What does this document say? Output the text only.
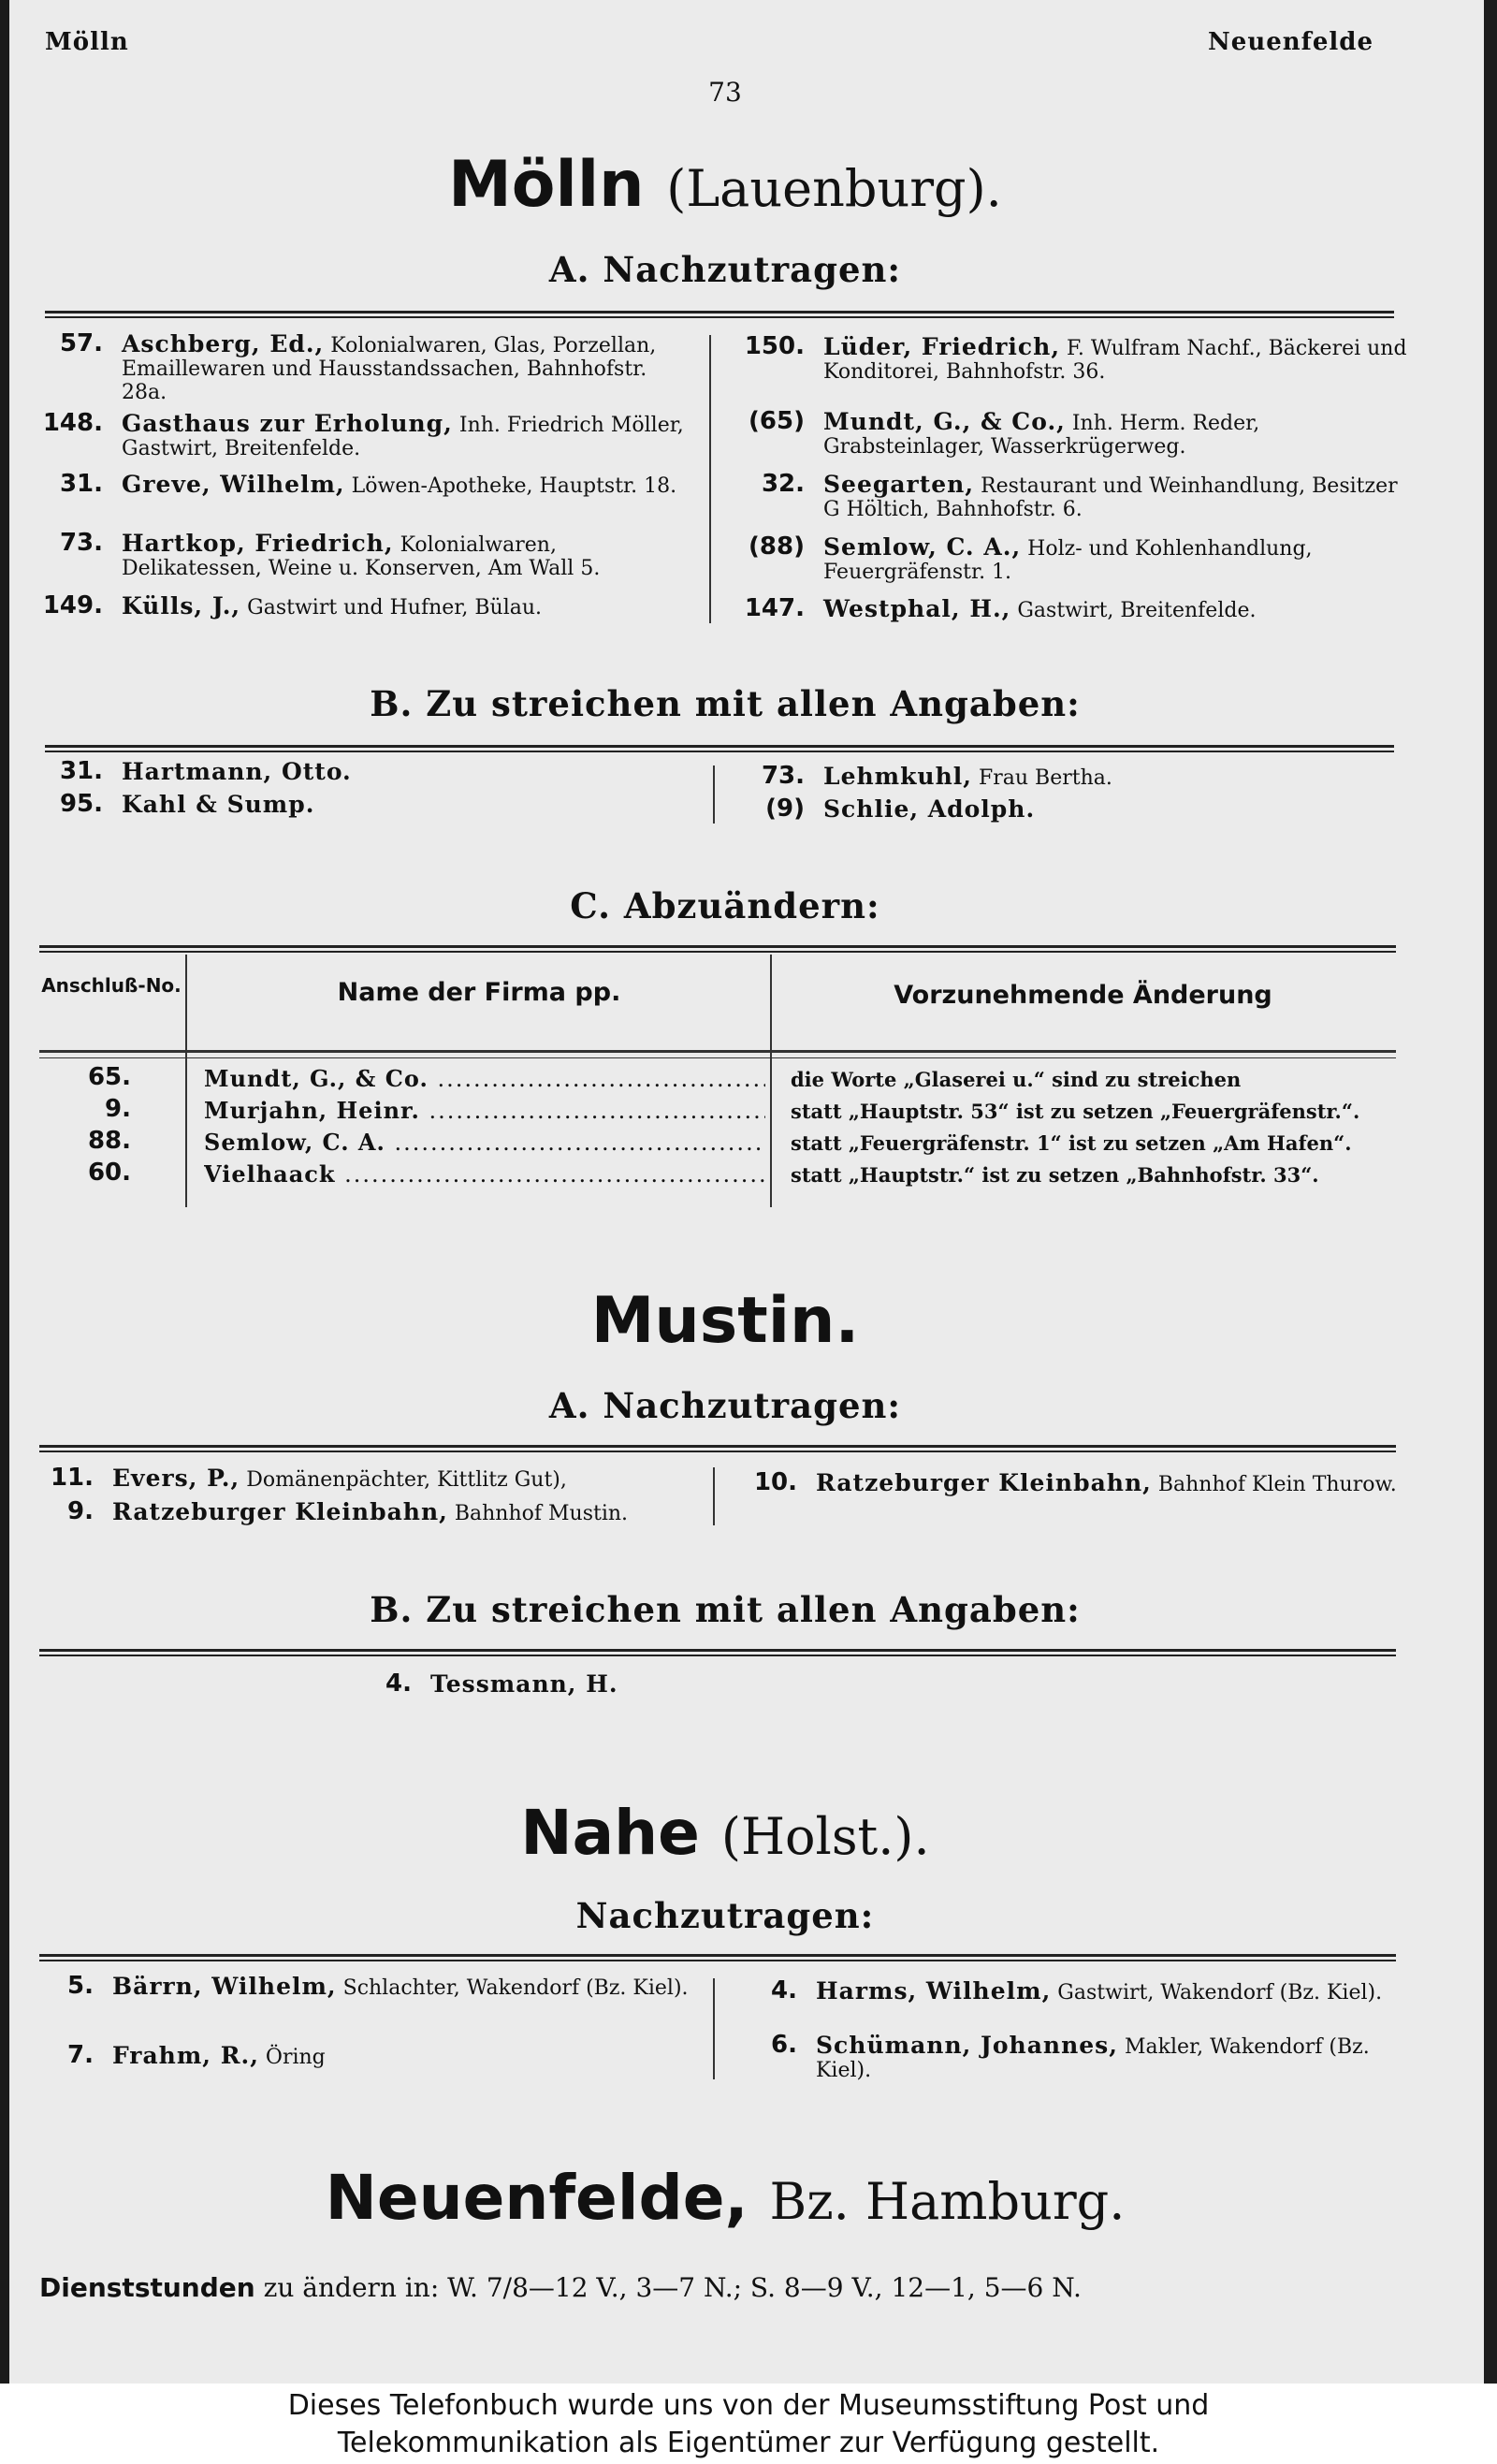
Mölln	Neuenfelde
73
Mölln (Lauenburg).
A. Nachzutragen:
57. Aschberg, Ed., Kolonialwaren, Glas, Porzellan, Emaillewaren und Hausstandssachen, Bahnhofstr. 28a.
148. Gasthaus zur Erholung, Inh. Friedrich Möller, Gastwirt, Breitenfelde.
31. Greve, Wilhelm, Löwen-Apotheke, Hauptstr. 18.
73. Hartkop, Friedrich, Kolonialwaren, Delikatessen, Weine u. Konserven, Am Wall 5.
149. Külls, J., Gastwirt und Hufner, Bülau.
150. Lüder, Friedrich, F. Wulfram Nachf., Bäckerei und Konditorei, Bahnhofstr. 36.
(65) Mundt, G., & Co., Inh. Herm. Reder, Grabsteinlager, Wasserkrügerweg.
32. Seegarten, Restaurant und Weinhandlung, Besitzer G Höltich, Bahnhofstr. 6.
(88) Semlow, C. A., Holz- und Kohlenhandlung, Feuergräfenstr. 1.
147. Westphal, H., Gastwirt, Breitenfelde.
B. Zu streichen mit allen Angaben:
31. Hartmann, Otto.
95. Kahl & Sump.
73. Lehmkuhl, Frau Bertha.
(9) Schlie, Adolph.
C. Abzuändern:
Anschluß-No.	Name der Firma pp.	Vorzunehmende Änderung
65.	Mundt, G., & Co. .....	die Worte „Glaserei u.“ sind zu streichen
9.	Murjahn, Heinr. .....	statt „Hauptstr. 53“ ist zu setzen „Feuergräfenstr.“.
88.	Semlow, C. A. .....	statt „Feuergräfenstr. 1“ ist zu setzen „Am Hafen“.
60.	Vielhaack .....	statt „Hauptstr.“ ist zu setzen „Bahnhofstr. 33“.
Mustin.
A. Nachzutragen:
11. Evers, P., Domänenpächter, Kittlitz Gut),
9. Ratzeburger Kleinbahn, Bahnhof Mustin.
10. Ratzeburger Kleinbahn, Bahnhof Klein Thurow.
B. Zu streichen mit allen Angaben:
4. Tessmann, H.
Nahe (Holst.).
Nachzutragen:
5. Bärrn, Wilhelm, Schlachter, Wakendorf (Bz. Kiel).
7. Frahm, R., Öring
4. Harms, Wilhelm, Gastwirt, Wakendorf (Bz. Kiel).
6. Schümann, Johannes, Makler, Wakendorf (Bz. Kiel).
Neuenfelde, Bz. Hamburg.
Dienststunden zu ändern in: W. 7/8—12 V., 3—7 N.; S. 8—9 V., 12—1, 5—6 N.
Dieses Telefonbuch wurde uns von der Museumsstiftung Post und
Telekommunikation als Eigentümer zur Verfügung gestellt.
